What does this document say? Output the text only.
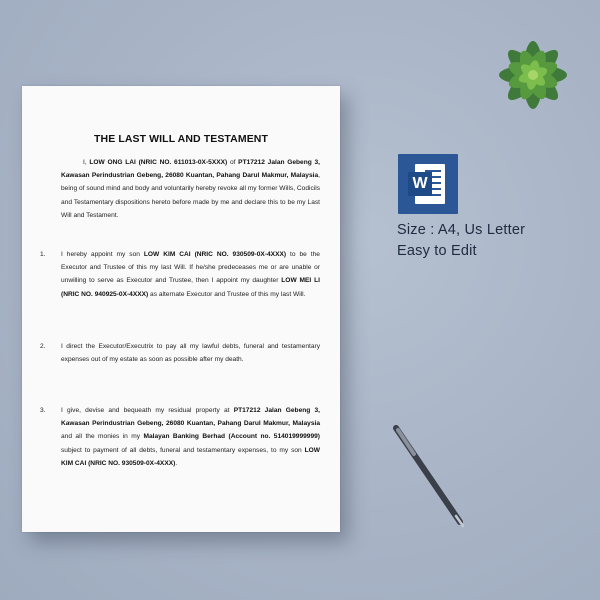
THE LAST WILL AND TESTAMENT
I, LOW ONG LAI (NRIC NO. 611013-0X-5XXX) of PT17212 Jalan Gebeng 3, Kawasan Perindustrian Gebeng, 26080 Kuantan, Pahang Darul Makmur, Malaysia, being of sound mind and body and voluntarily hereby revoke all my former Wills, Codicils and Testamentary dispositions hereto before made by me and declare this to be my Last Will and Testament.
1. I hereby appoint my son LOW KIM CAI (NRIC NO. 930509-0X-4XXX) to be the Executor and Trustee of this my last Will. If he/she predeceases me or are unable or unwilling to serve as Executor and Trustee, then I appoint my daughter LOW MEI LI (NRIC NO. 940925-0X-4XXX) as alternate Executor and Trustee of this my last Will.
2. I direct the Executor/Executrix to pay all my lawful debts, funeral and testamentary expenses out of my estate as soon as possible after my death.
3. I give, devise and bequeath my residual property at PT17212 Jalan Gebeng 3, Kawasan Perindustrian Gebeng, 26080 Kuantan, Pahang Darul Makmur, Malaysia and all the monies in my Malayan Banking Berhad (Account no. 514019999999) subject to payment of all debts, funeral and testamentary expenses, to my son LOW KIM CAI (NRIC NO. 930509-0X-4XXX).
W
Size : A4, Us Letter
Easy to Edit
